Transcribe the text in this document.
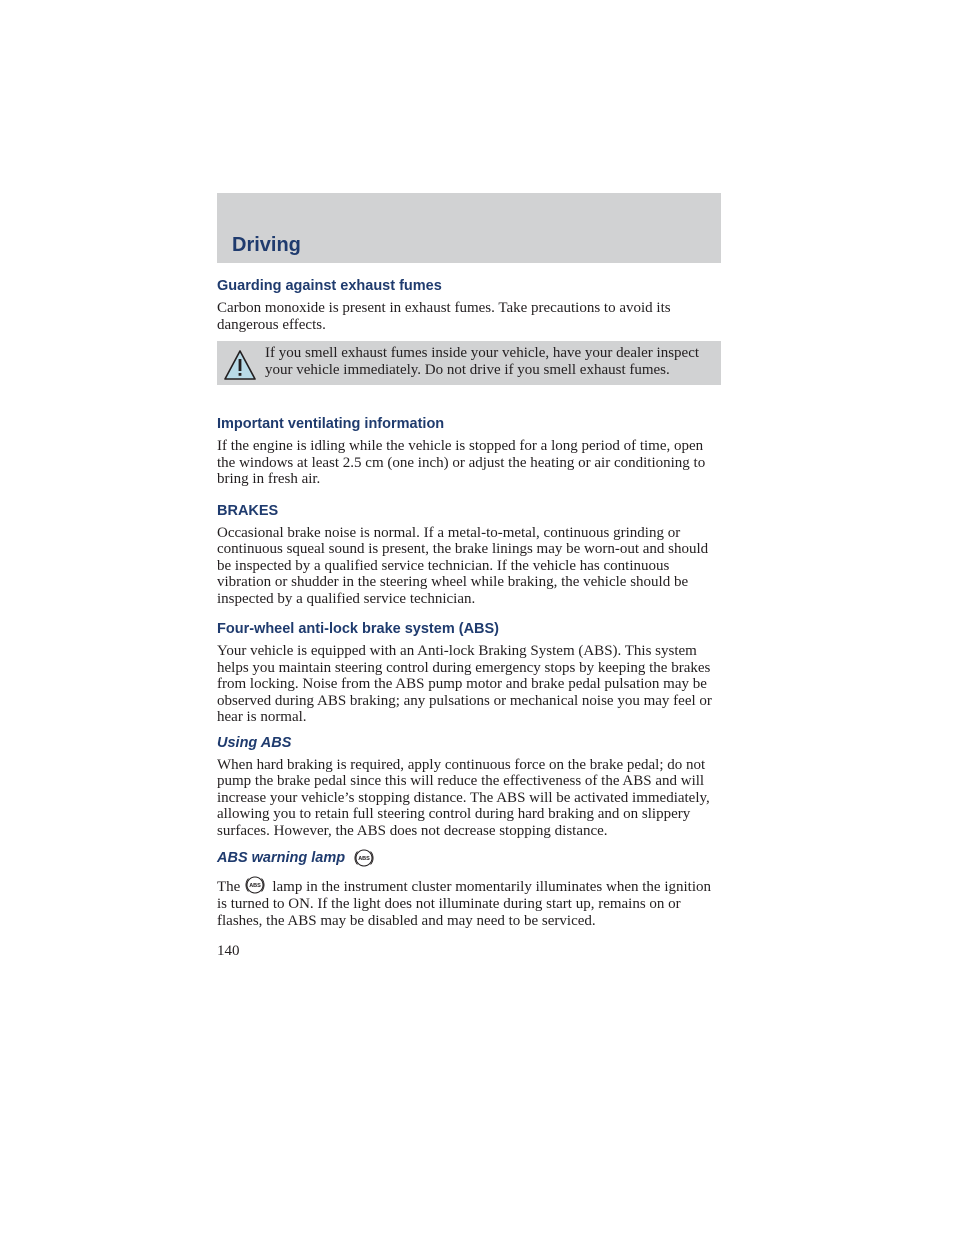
Driving
Guarding against exhaust fumes

Carbon monoxide is present in exhaust fumes. Take precautions to avoid its dangerous effects.

If you smell exhaust fumes inside your vehicle, have your dealer inspect your vehicle immediately. Do not drive if you smell exhaust fumes.

Important ventilating information

If the engine is idling while the vehicle is stopped for a long period of time, open the windows at least 2.5 cm (one inch) or adjust the heating or air conditioning to bring in fresh air.

BRAKES

Occasional brake noise is normal. If a metal-to-metal, continuous grinding or continuous squeal sound is present, the brake linings may be worn-out and should be inspected by a qualified service technician. If the vehicle has continuous vibration or shudder in the steering wheel while braking, the vehicle should be inspected by a qualified service technician.

Four-wheel anti-lock brake system (ABS)

Your vehicle is equipped with an Anti-lock Braking System (ABS). This system helps you maintain steering control during emergency stops by keeping the brakes from locking. Noise from the ABS pump motor and brake pedal pulsation may be observed during ABS braking; any pulsations or mechanical noise you may feel or hear is normal.

Using ABS

When hard braking is required, apply continuous force on the brake pedal; do not pump the brake pedal since this will reduce the effectiveness of the ABS and will increase your vehicle’s stopping distance. The ABS will be activated immediately, allowing you to retain full steering control during hard braking and on slippery surfaces. However, the ABS does not decrease stopping distance.

ABS warning lamp ABS

The ABS lamp in the instrument cluster momentarily illuminates when the ignition is turned to ON. If the light does not illuminate during start up, remains on or flashes, the ABS may be disabled and may need to be serviced.

140
